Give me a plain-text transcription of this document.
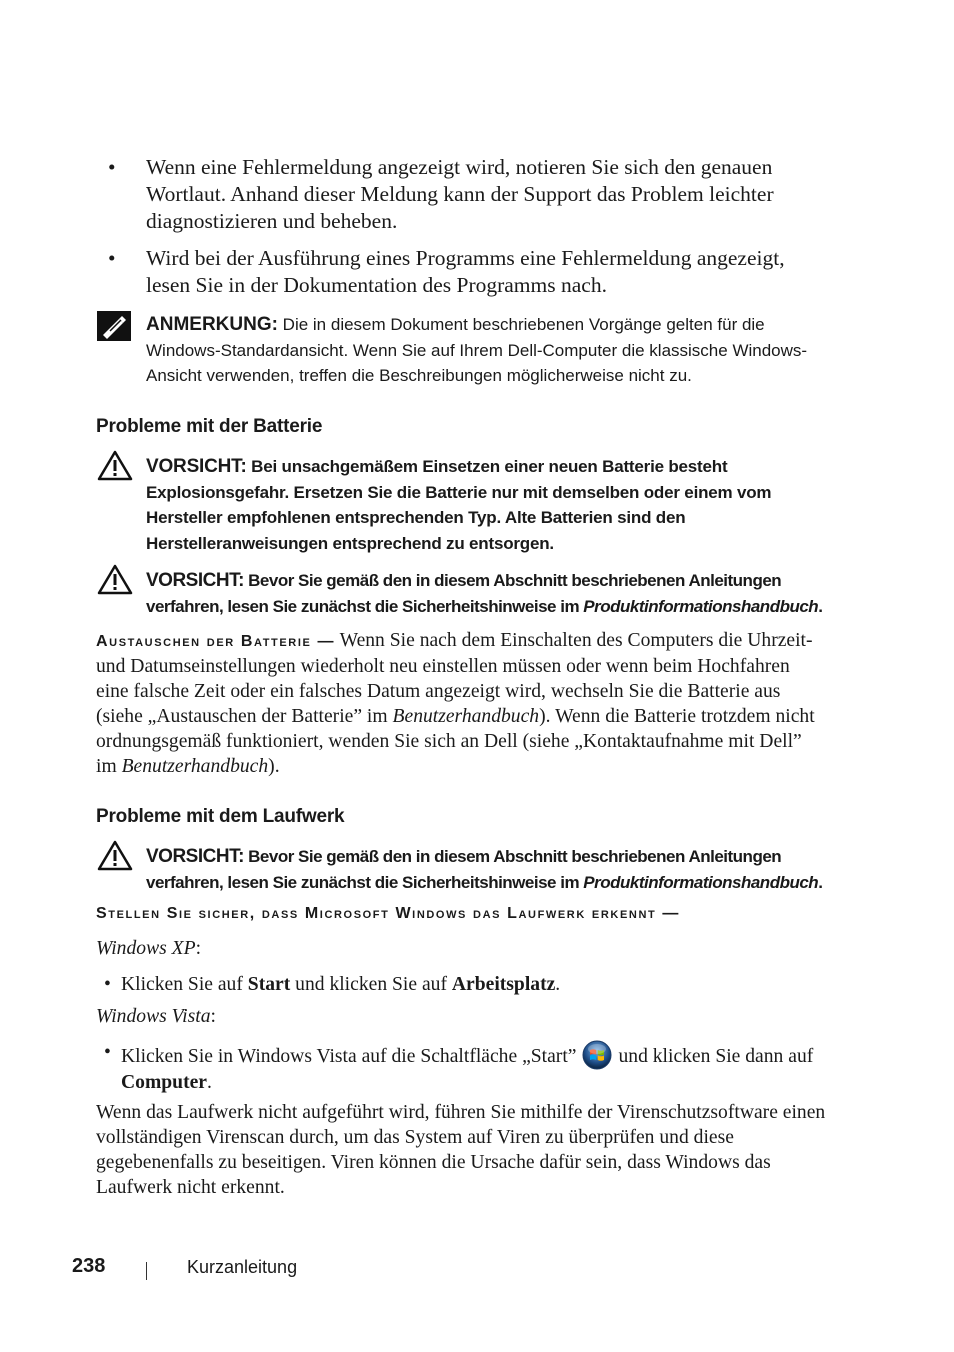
• Wenn eine Fehlermeldung angezeigt wird, notieren Sie sich den genauen Wortlaut. Anhand dieser Meldung kann der Support das Problem leichter diagnostizieren und beheben.
• Wird bei der Ausführung eines Programms eine Fehlermeldung angezeigt, lesen Sie in der Dokumentation des Programms nach.
ANMERKUNG: Die in diesem Dokument beschriebenen Vorgänge gelten für die Windows-Standardansicht. Wenn Sie auf Ihrem Dell-Computer die klassische Windows-Ansicht verwenden, treffen die Beschreibungen möglicherweise nicht zu.
Probleme mit der Batterie
VORSICHT: Bei unsachgemäßem Einsetzen einer neuen Batterie besteht Explosionsgefahr. Ersetzen Sie die Batterie nur mit demselben oder einem vom Hersteller empfohlenen entsprechenden Typ. Alte Batterien sind den Herstelleranweisungen entsprechend zu entsorgen.
VORSICHT: Bevor Sie gemäß den in diesem Abschnitt beschriebenen Anleitungen verfahren, lesen Sie zunächst die Sicherheitshinweise im Produktinformationshandbuch.
Austauschen der Batterie — Wenn Sie nach dem Einschalten des Computers die Uhrzeit- und Datumseinstellungen wiederholt neu einstellen müssen oder wenn beim Hochfahren eine falsche Zeit oder ein falsches Datum angezeigt wird, wechseln Sie die Batterie aus (siehe „Austauschen der Batterie” im Benutzerhandbuch). Wenn die Batterie trotzdem nicht ordnungsgemäß funktioniert, wenden Sie sich an Dell (siehe „Kontaktaufnahme mit Dell” im Benutzerhandbuch).
Probleme mit dem Laufwerk
VORSICHT: Bevor Sie gemäß den in diesem Abschnitt beschriebenen Anleitungen verfahren, lesen Sie zunächst die Sicherheitshinweise im Produktinformationshandbuch.
Stellen Sie sicher, dass Microsoft Windows das Laufwerk erkennt —
Windows XP:
• Klicken Sie auf Start und klicken Sie auf Arbeitsplatz.
Windows Vista:
• Klicken Sie in Windows Vista auf die Schaltfläche „Start” und klicken Sie dann auf Computer.
Wenn das Laufwerk nicht aufgeführt wird, führen Sie mithilfe der Virenschutzsoftware einen vollständigen Virenscan durch, um das System auf Viren zu überprüfen und diese gegebenenfalls zu beseitigen. Viren können die Ursache dafür sein, dass Windows das Laufwerk nicht erkennt.
238	Kurzanleitung
